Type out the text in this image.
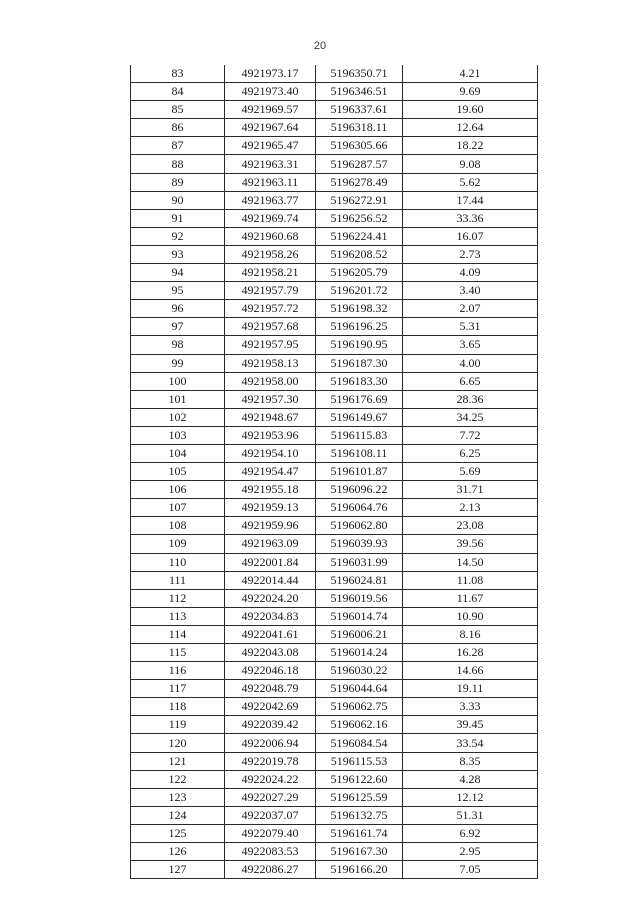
20
83	4921973.17	5196350.71	4.21
84	4921973.40	5196346.51	9.69
85	4921969.57	5196337.61	19.60
86	4921967.64	5196318.11	12.64
87	4921965.47	5196305.66	18.22
88	4921963.31	5196287.57	9.08
89	4921963.11	5196278.49	5.62
90	4921963.77	5196272.91	17.44
91	4921969.74	5196256.52	33.36
92	4921960.68	5196224.41	16.07
93	4921958.26	5196208.52	2.73
94	4921958.21	5196205.79	4.09
95	4921957.79	5196201.72	3.40
96	4921957.72	5196198.32	2.07
97	4921957.68	5196196.25	5.31
98	4921957.95	5196190.95	3.65
99	4921958.13	5196187.30	4.00
100	4921958.00	5196183.30	6.65
101	4921957.30	5196176.69	28.36
102	4921948.67	5196149.67	34.25
103	4921953.96	5196115.83	7.72
104	4921954.10	5196108.11	6.25
105	4921954.47	5196101.87	5.69
106	4921955.18	5196096.22	31.71
107	4921959.13	5196064.76	2.13
108	4921959.96	5196062.80	23.08
109	4921963.09	5196039.93	39.56
110	4922001.84	5196031.99	14.50
111	4922014.44	5196024.81	11.08
112	4922024.20	5196019.56	11.67
113	4922034.83	5196014.74	10.90
114	4922041.61	5196006.21	8.16
115	4922043.08	5196014.24	16.28
116	4922046.18	5196030.22	14.66
117	4922048.79	5196044.64	19.11
118	4922042.69	5196062.75	3.33
119	4922039.42	5196062.16	39.45
120	4922006.94	5196084.54	33.54
121	4922019.78	5196115.53	8.35
122	4922024.22	5196122.60	4.28
123	4922027.29	5196125.59	12.12
124	4922037.07	5196132.75	51.31
125	4922079.40	5196161.74	6.92
126	4922083.53	5196167.30	2.95
127	4922086.27	5196166.20	7.05
